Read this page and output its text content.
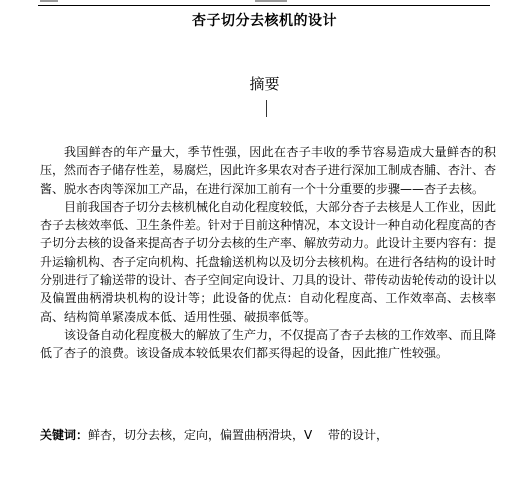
杏子切分去核机的设计
摘要

我国鲜杏的年产量大，季节性强，因此在杏子丰收的季节容易造成大量鲜杏的积压，然而杏子储存性差，易腐烂，因此许多果农对杏子进行深加工制成杏脯、杏汁、杏酱、脱水杏肉等深加工产品，在进行深加工前有一个十分重要的步骤——杏子去核。

目前我国杏子切分去核机械化自动化程度较低，大部分杏子去核是人工作业，因此杏子去核效率低、卫生条件差。针对于目前这种情况，本文设计一种自动化程度高的杏子切分去核的设备来提高杏子切分去核的生产率、解放劳动力。此设计主要内容有：提升运输机构、杏子定向机构、托盘输送机构以及切分去核机构。在进行各结构的设计时分别进行了输送带的设计、杏子空间定向设计、刀具的设计、带传动齿轮传动的设计以及偏置曲柄滑块机构的设计等；此设备的优点：自动化程度高、工作效率高、去核率高、结构简单紧凑成本低、适用性强、破损率低等。

该设备自动化程度极大的解放了生产力，不仅提高了杏子去核的工作效率、而且降低了杏子的浪费。该设备成本较低果农们都买得起的设备，因此推广性较强。

关键词：鲜杏，切分去核，定向，偏置曲柄滑块，V　 带的设计，
